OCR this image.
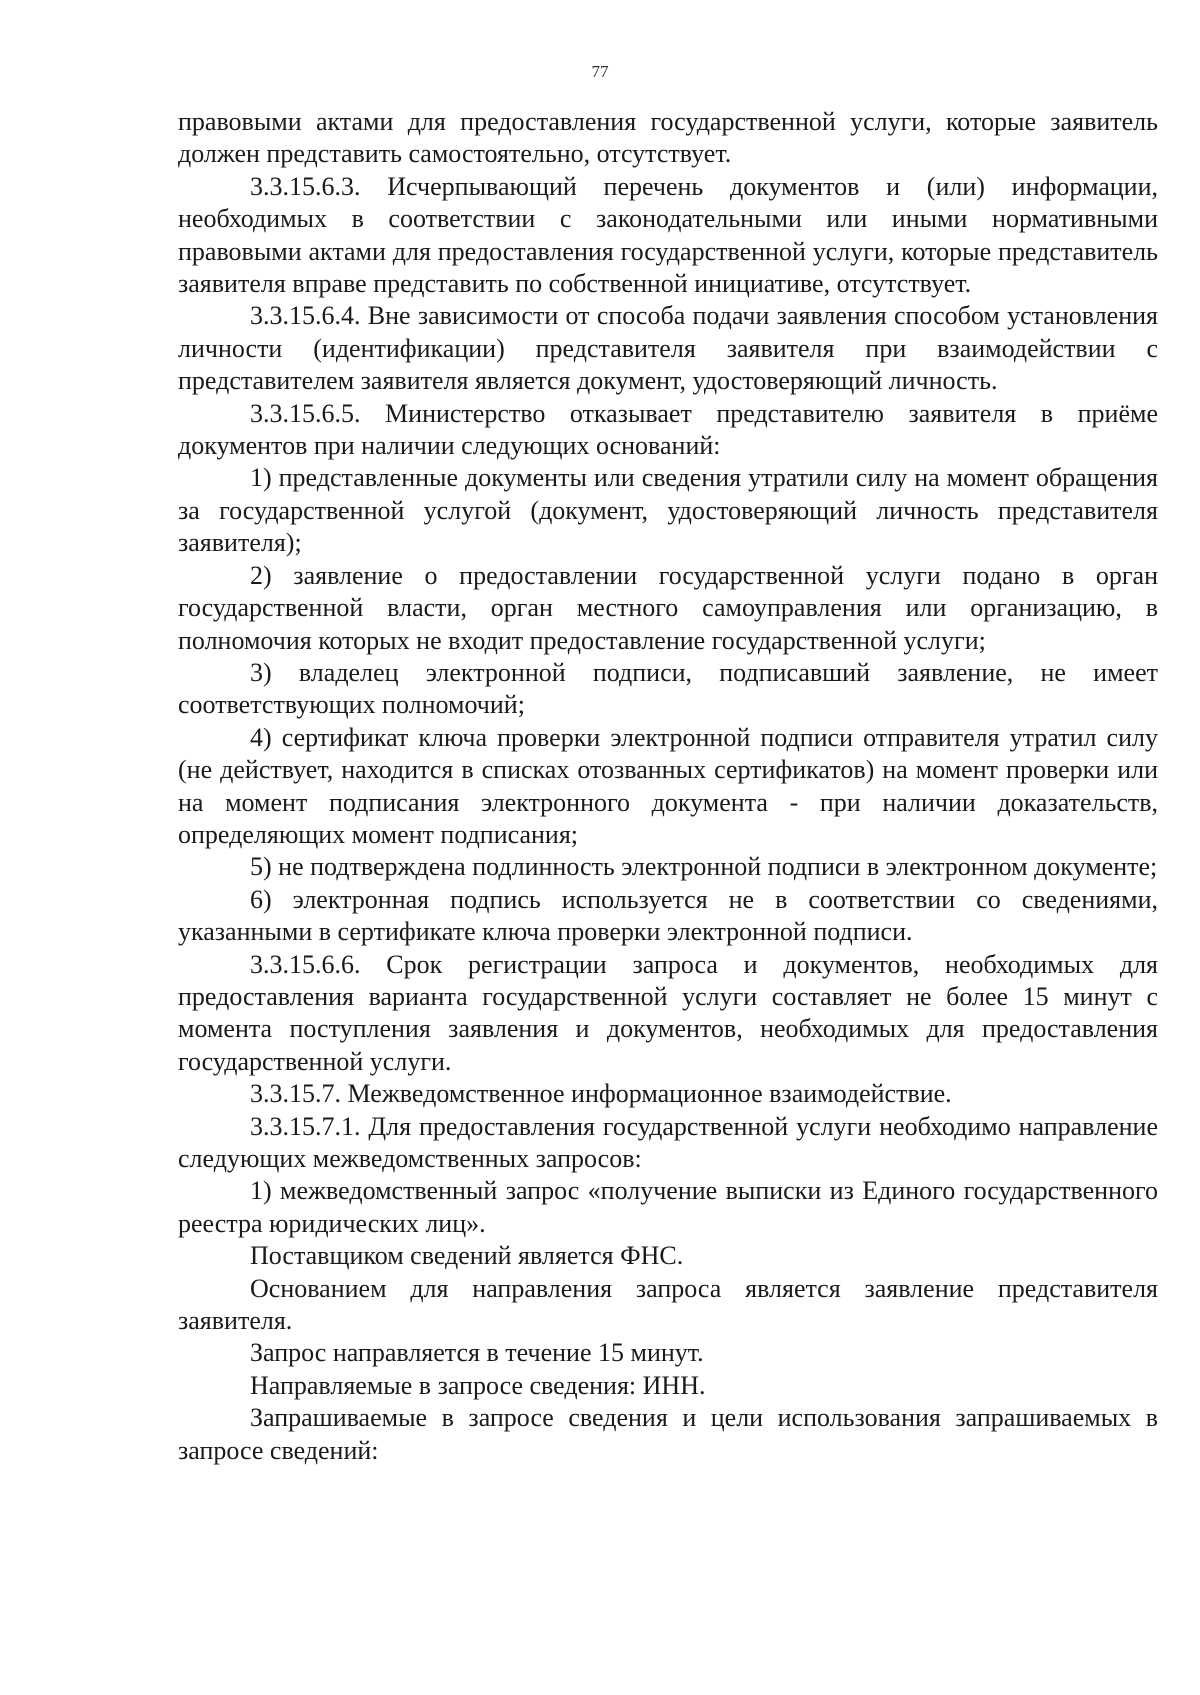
77

правовыми актами для предоставления государственной услуги, которые заявитель должен представить самостоятельно, отсутствует.

3.3.15.6.3. Исчерпывающий перечень документов и (или) информации, необходимых в соответствии с законодательными или иными нормативными правовыми актами для предоставления государственной услуги, которые представитель заявителя вправе представить по собственной инициативе, отсутствует.

3.3.15.6.4. Вне зависимости от способа подачи заявления способом установления личности (идентификации) представителя заявителя при взаимодействии с представителем заявителя является документ, удостоверяющий личность.

3.3.15.6.5. Министерство отказывает представителю заявителя в приёме документов при наличии следующих оснований:

1) представленные документы или сведения утратили силу на момент обращения за государственной услугой (документ, удостоверяющий личность представителя заявителя);

2) заявление о предоставлении государственной услуги подано в орган государственной власти, орган местного самоуправления или организацию, в полномочия которых не входит предоставление государственной услуги;

3) владелец электронной подписи, подписавший заявление, не имеет соответствующих полномочий;

4) сертификат ключа проверки электронной подписи отправителя утратил силу (не действует, находится в списках отозванных сертификатов) на момент проверки или на момент подписания электронного документа - при наличии доказательств, определяющих момент подписания;

5) не подтверждена подлинность электронной подписи в электронном документе;

6) электронная подпись используется не в соответствии со сведениями, указанными в сертификате ключа проверки электронной подписи.

3.3.15.6.6. Срок регистрации запроса и документов, необходимых для предоставления варианта государственной услуги составляет не более 15 минут с момента поступления заявления и документов, необходимых для предоставления государственной услуги.

3.3.15.7. Межведомственное информационное взаимодействие.

3.3.15.7.1. Для предоставления государственной услуги необходимо направление следующих межведомственных запросов:

1) межведомственный запрос «получение выписки из Единого государственного реестра юридических лиц».

Поставщиком сведений является ФНС.

Основанием для направления запроса является заявление представителя заявителя.

Запрос направляется в течение 15 минут.

Направляемые в запросе сведения: ИНН.

Запрашиваемые в запросе сведения и цели использования запрашиваемых в запросе сведений:
